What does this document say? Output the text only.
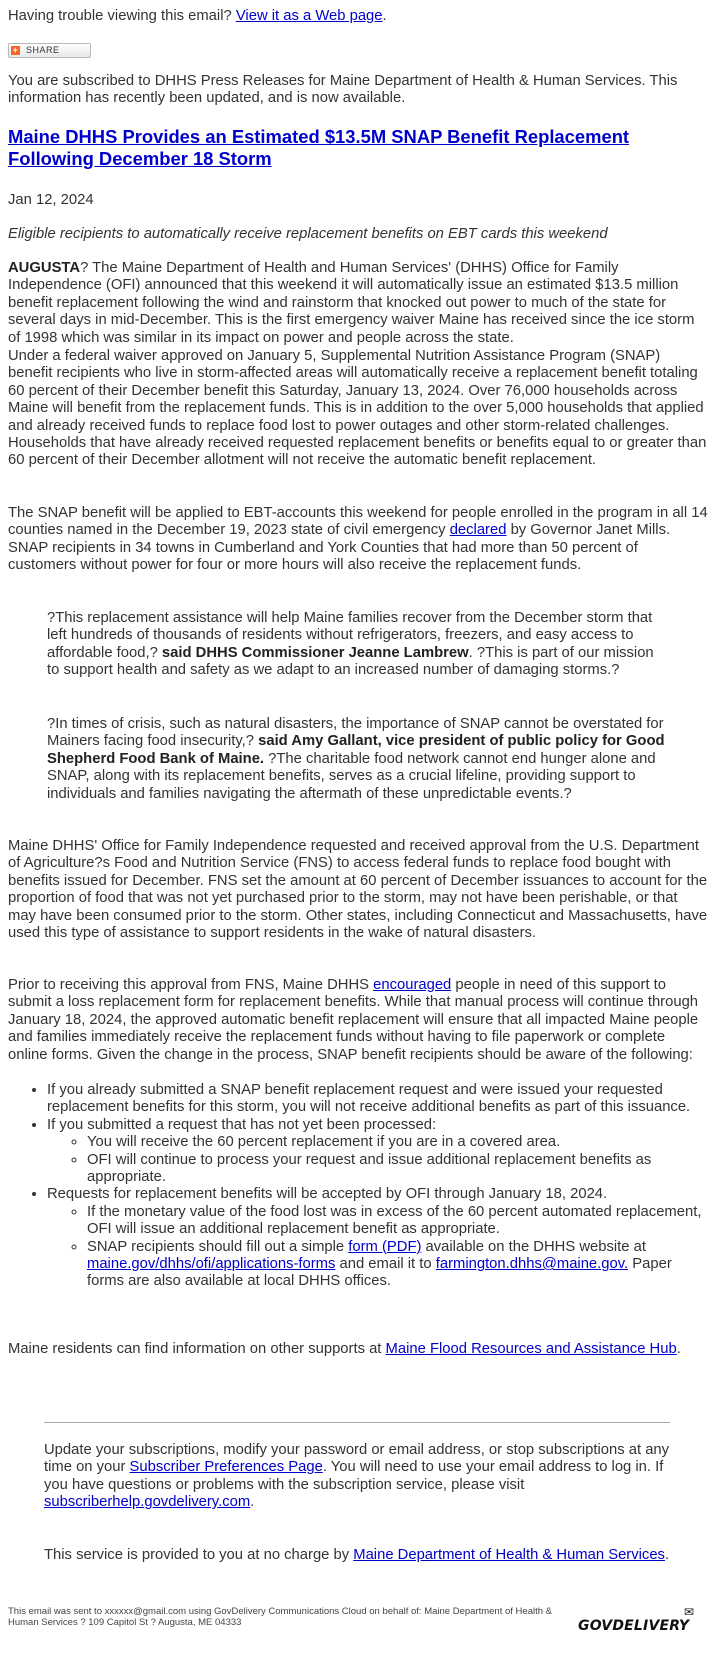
Having trouble viewing this email? View it as a Web page.
+ SHARE
You are subscribed to DHHS Press Releases for Maine Department of Health & Human Services. This information has recently been updated, and is now available.
Maine DHHS Provides an Estimated $13.5M SNAP Benefit Replacement Following December 18 Storm
Jan 12, 2024
Eligible recipients to automatically receive replacement benefits on EBT cards this weekend
AUGUSTA? The Maine Department of Health and Human Services' (DHHS) Office for Family Independence (OFI) announced that this weekend it will automatically issue an estimated $13.5 million benefit replacement following the wind and rainstorm that knocked out power to much of the state for several days in mid-December. This is the first emergency waiver Maine has received since the ice storm of 1998 which was similar in its impact on power and people across the state.
Under a federal waiver approved on January 5, Supplemental Nutrition Assistance Program (SNAP) benefit recipients who live in storm-affected areas will automatically receive a replacement benefit totaling 60 percent of their December benefit this Saturday, January 13, 2024. Over 76,000 households across Maine will benefit from the replacement funds. This is in addition to the over 5,000 households that applied and already received funds to replace food lost to power outages and other storm-related challenges. Households that have already received requested replacement benefits or benefits equal to or greater than 60 percent of their December allotment will not receive the automatic benefit replacement.
The SNAP benefit will be applied to EBT-accounts this weekend for people enrolled in the program in all 14 counties named in the December 19, 2023 state of civil emergency declared by Governor Janet Mills. SNAP recipients in 34 towns in Cumberland and York Counties that had more than 50 percent of customers without power for four or more hours will also receive the replacement funds.
?This replacement assistance will help Maine families recover from the December storm that left hundreds of thousands of residents without refrigerators, freezers, and easy access to affordable food,? said DHHS Commissioner Jeanne Lambrew. ?This is part of our mission to support health and safety as we adapt to an increased number of damaging storms.?
?In times of crisis, such as natural disasters, the importance of SNAP cannot be overstated for Mainers facing food insecurity,? said Amy Gallant, vice president of public policy for Good Shepherd Food Bank of Maine. ?The charitable food network cannot end hunger alone and SNAP, along with its replacement benefits, serves as a crucial lifeline, providing support to individuals and families navigating the aftermath of these unpredictable events.?
Maine DHHS' Office for Family Independence requested and received approval from the U.S. Department of Agriculture?s Food and Nutrition Service (FNS) to access federal funds to replace food bought with benefits issued for December. FNS set the amount at 60 percent of December issuances to account for the proportion of food that was not yet purchased prior to the storm, may not have been perishable, or that may have been consumed prior to the storm. Other states, including Connecticut and Massachusetts, have used this type of assistance to support residents in the wake of natural disasters.
Prior to receiving this approval from FNS, Maine DHHS encouraged people in need of this support to submit a loss replacement form for replacement benefits. While that manual process will continue through January 18, 2024, the approved automatic benefit replacement will ensure that all impacted Maine people and families immediately receive the replacement funds without having to file paperwork or complete online forms. Given the change in the process, SNAP benefit recipients should be aware of the following:
• If you already submitted a SNAP benefit replacement request and were issued your requested replacement benefits for this storm, you will not receive additional benefits as part of this issuance.
• If you submitted a request that has not yet been processed:
◦ You will receive the 60 percent replacement if you are in a covered area.
◦ OFI will continue to process your request and issue additional replacement benefits as appropriate.
• Requests for replacement benefits will be accepted by OFI through January 18, 2024.
◦ If the monetary value of the food lost was in excess of the 60 percent automated replacement, OFI will issue an additional replacement benefit as appropriate.
◦ SNAP recipients should fill out a simple form (PDF) available on the DHHS website at maine.gov/dhhs/ofi/applications-forms and email it to farmington.dhhs@maine.gov. Paper forms are also available at local DHHS offices.
Maine residents can find information on other supports at Maine Flood Resources and Assistance Hub.
Update your subscriptions, modify your password or email address, or stop subscriptions at any time on your Subscriber Preferences Page. You will need to use your email address to log in. If you have questions or problems with the subscription service, please visit subscriberhelp.govdelivery.com.
This service is provided to you at no charge by Maine Department of Health & Human Services.
This email was sent to xxxxxx@gmail.com using GovDelivery Communications Cloud on behalf of: Maine Department of Health & Human Services ? 109 Capitol St ? Augusta, ME 04333	GOVDELIVERY
✉
